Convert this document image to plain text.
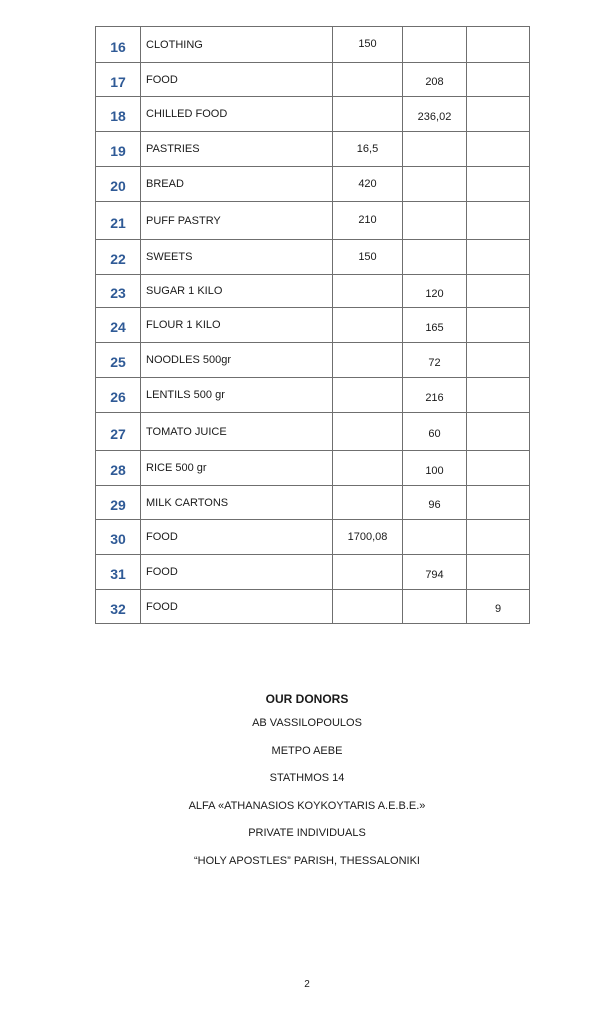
16	CLOTHING	150		
17	FOOD		208	
18	CHILLED FOOD		236,02	
19	PASTRIES	16,5		
20	BREAD	420		
21	PUFF PASTRY	210		
22	SWEETS	150		
23	SUGAR 1 KILO		120	
24	FLOUR 1 KILO		165	
25	NOODLES 500gr		72	
26	LENTILS 500 gr		216	
27	TOMATO JUICE		60	
28	RICE 500 gr		100	
29	MILK CARTONS		96	
30	FOOD	1700,08		
31	FOOD		794	
32	FOOD			9
OUR DONORS
AB VASSILOPOULOS
ΜΕΤΡΟ ΑΕΒΕ
STATHMOS 14
ALFA «ATHANASIOS KOYKOYTARIS A.E.B.E.»
PRIVATE INDIVIDUALS
“HOLY APOSTLES” PARISH, THESSALONIKI
2
